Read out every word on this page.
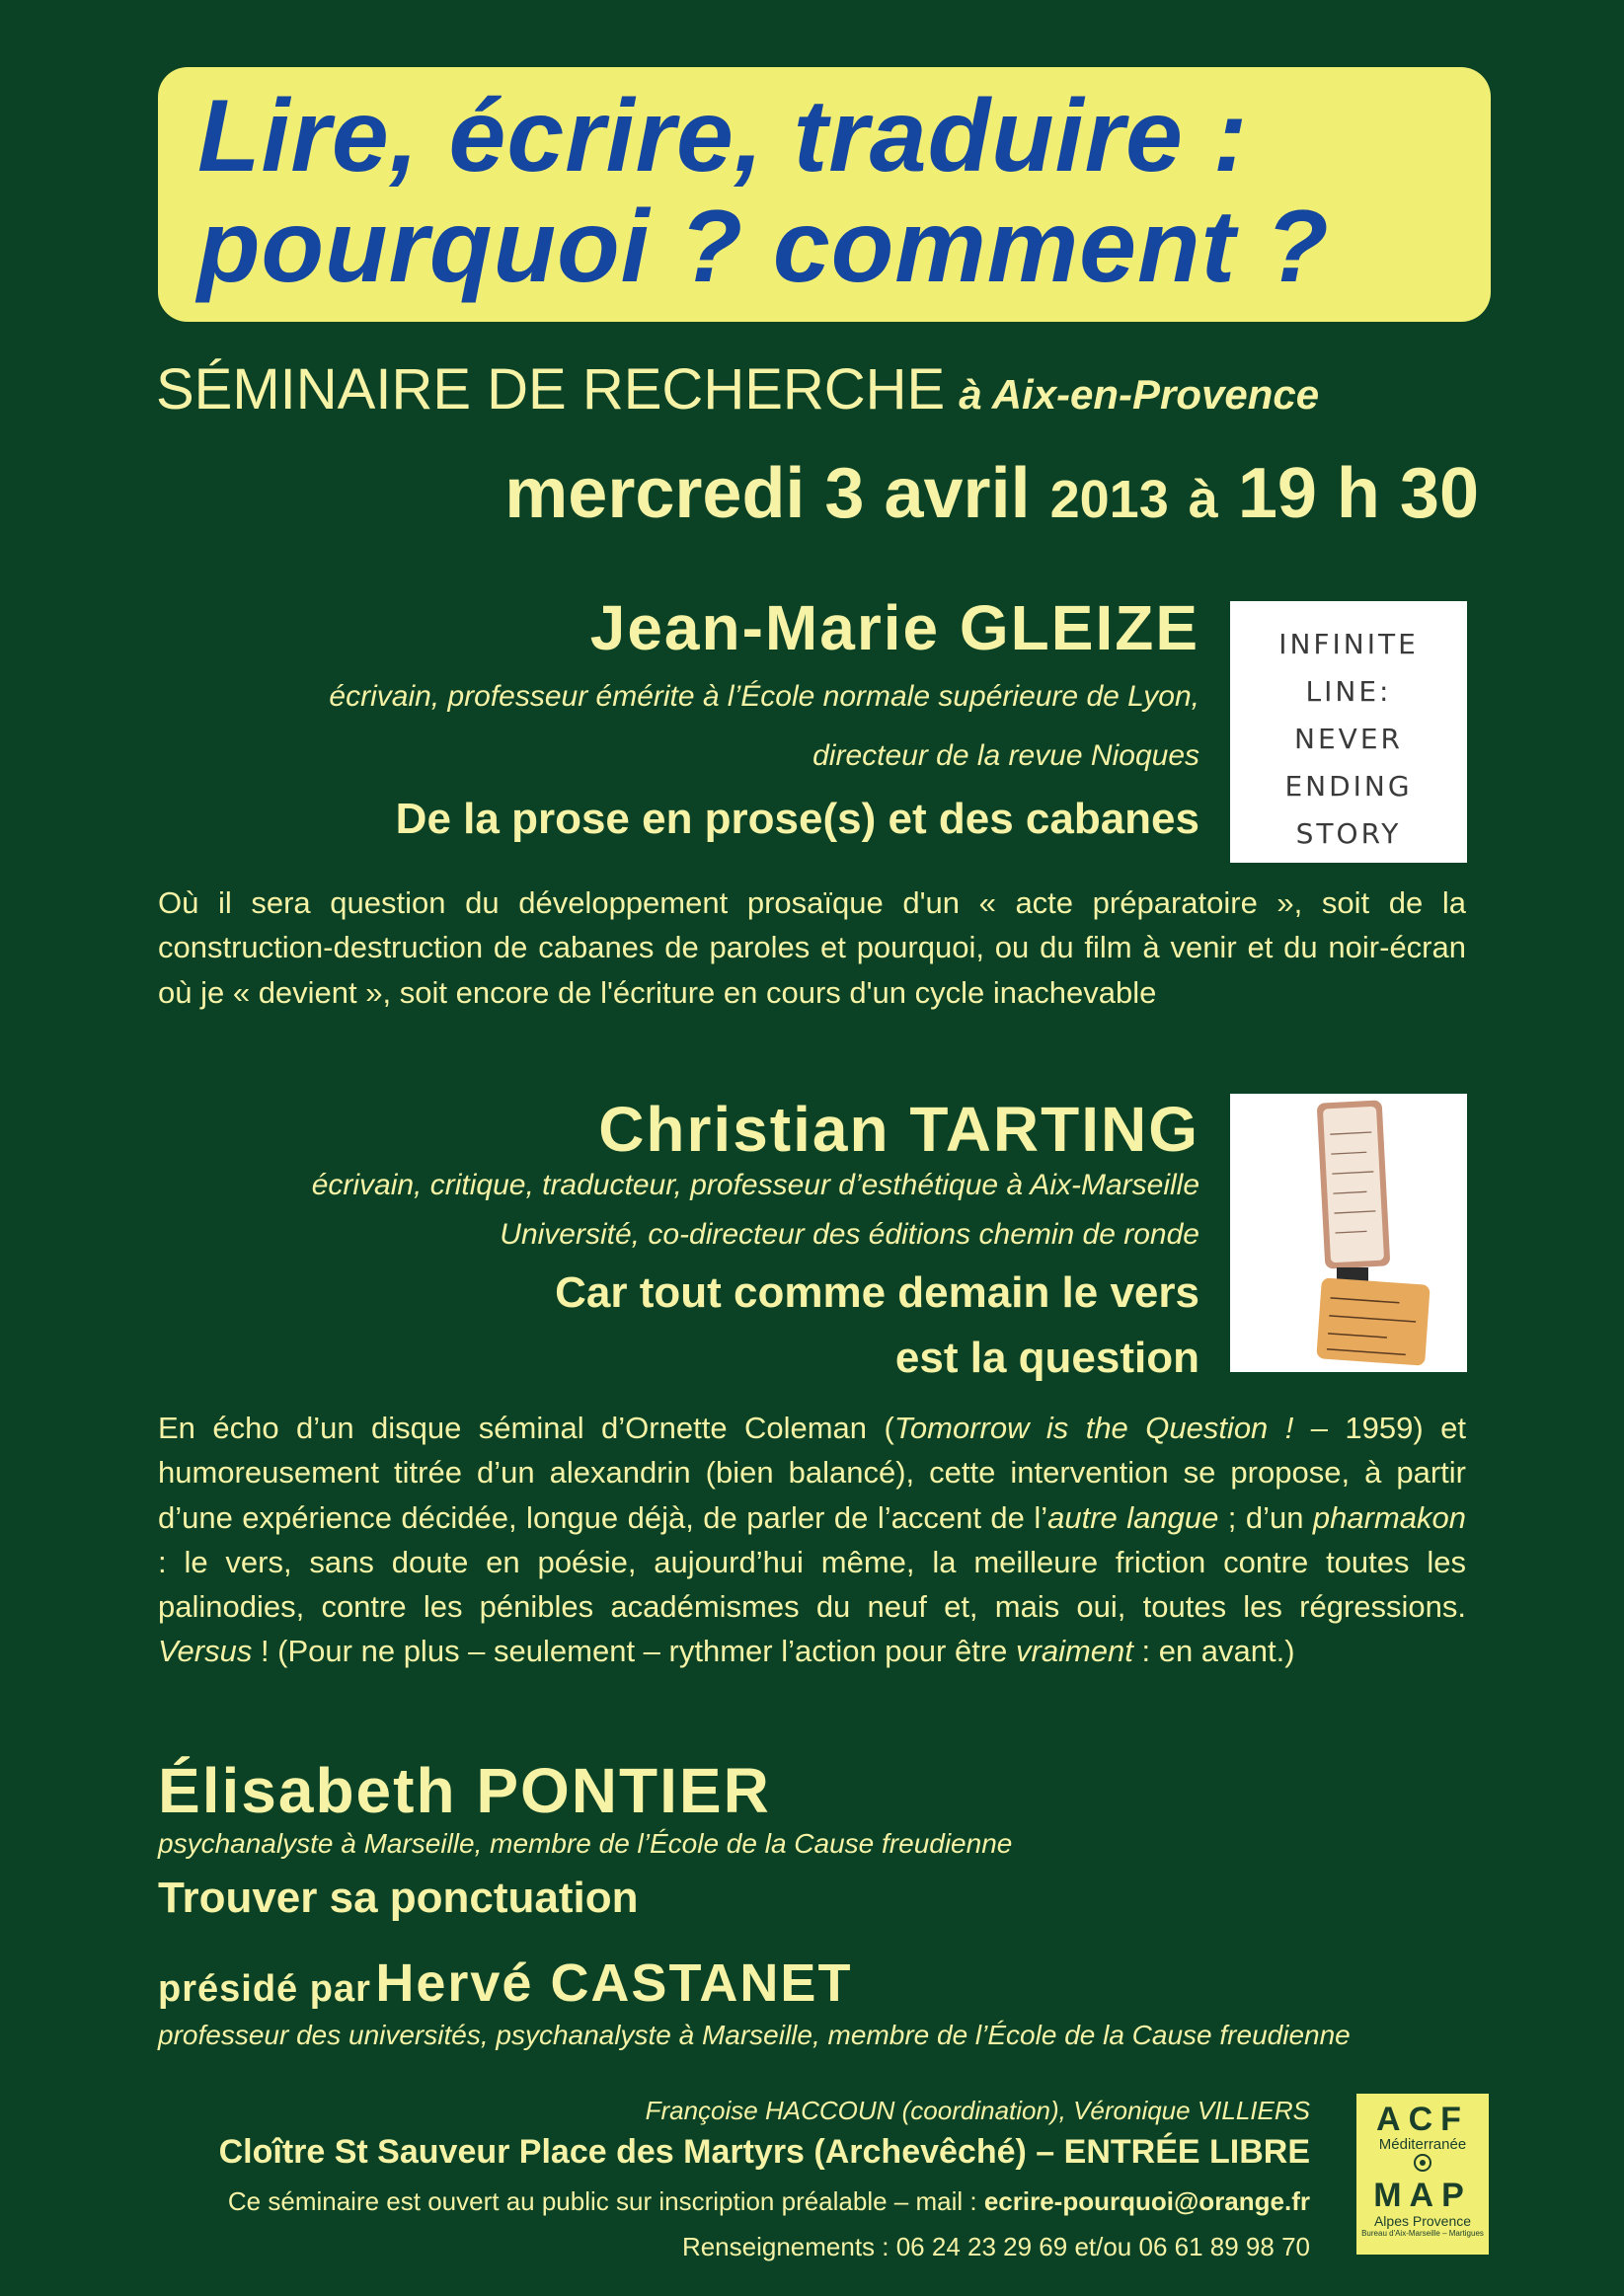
Lire, écrire, traduire :
pourquoi ? comment ?
SÉMINAIRE DE RECHERCHE à Aix-en-Provence
mercredi 3 avril 2013 à 19 h 30
Jean-Marie GLEIZE
écrivain, professeur émérite à l’École normale supérieure de Lyon,
directeur de la revue Nioques
De la prose en prose(s) et des cabanes
INFINITE
LINE:
NEVER
ENDING
STORY
Où il sera question du développement prosaïque d'un « acte préparatoire », soit de la construction-destruction de cabanes de paroles et pourquoi, ou du film à venir et du noir-écran où je « devient », soit encore de l'écriture en cours d'un cycle inachevable
Christian TARTING
écrivain, critique, traducteur, professeur d’esthétique à Aix-Marseille
Université, co-directeur des éditions chemin de ronde
Car tout comme demain le vers
est la question
En écho d’un disque séminal d’Ornette Coleman (Tomorrow is the Question ! – 1959) et humoreusement titrée d’un alexandrin (bien balancé), cette intervention se propose, à partir d’une expérience décidée, longue déjà, de parler de l’accent de l’autre langue ; d’un pharmakon : le vers, sans doute en poésie, aujourd’hui même, la meilleure friction contre toutes les palinodies, contre les pénibles académismes du neuf et, mais oui, toutes les régressions. Versus ! (Pour ne plus – seulement – rythmer l’action pour être vraiment : en avant.)
Élisabeth PONTIER
psychanalyste à Marseille, membre de l’École de la Cause freudienne
Trouver sa ponctuation
présidé par Hervé CASTANET
professeur des universités, psychanalyste à Marseille, membre de l’École de la Cause freudienne
Françoise HACCOUN (coordination), Véronique VILLIERS
Cloître St Sauveur Place des Martyrs (Archevêché) – ENTRÉE LIBRE
Ce séminaire est ouvert au public sur inscription préalable – mail : ecrire-pourquoi@orange.fr
Renseignements : 06 24 23 29 69 et/ou 06 61 89 98 70
ACF
Méditerranée
MAP
Alpes Provence
Bureau d'Aix-Marseille – Martigues
